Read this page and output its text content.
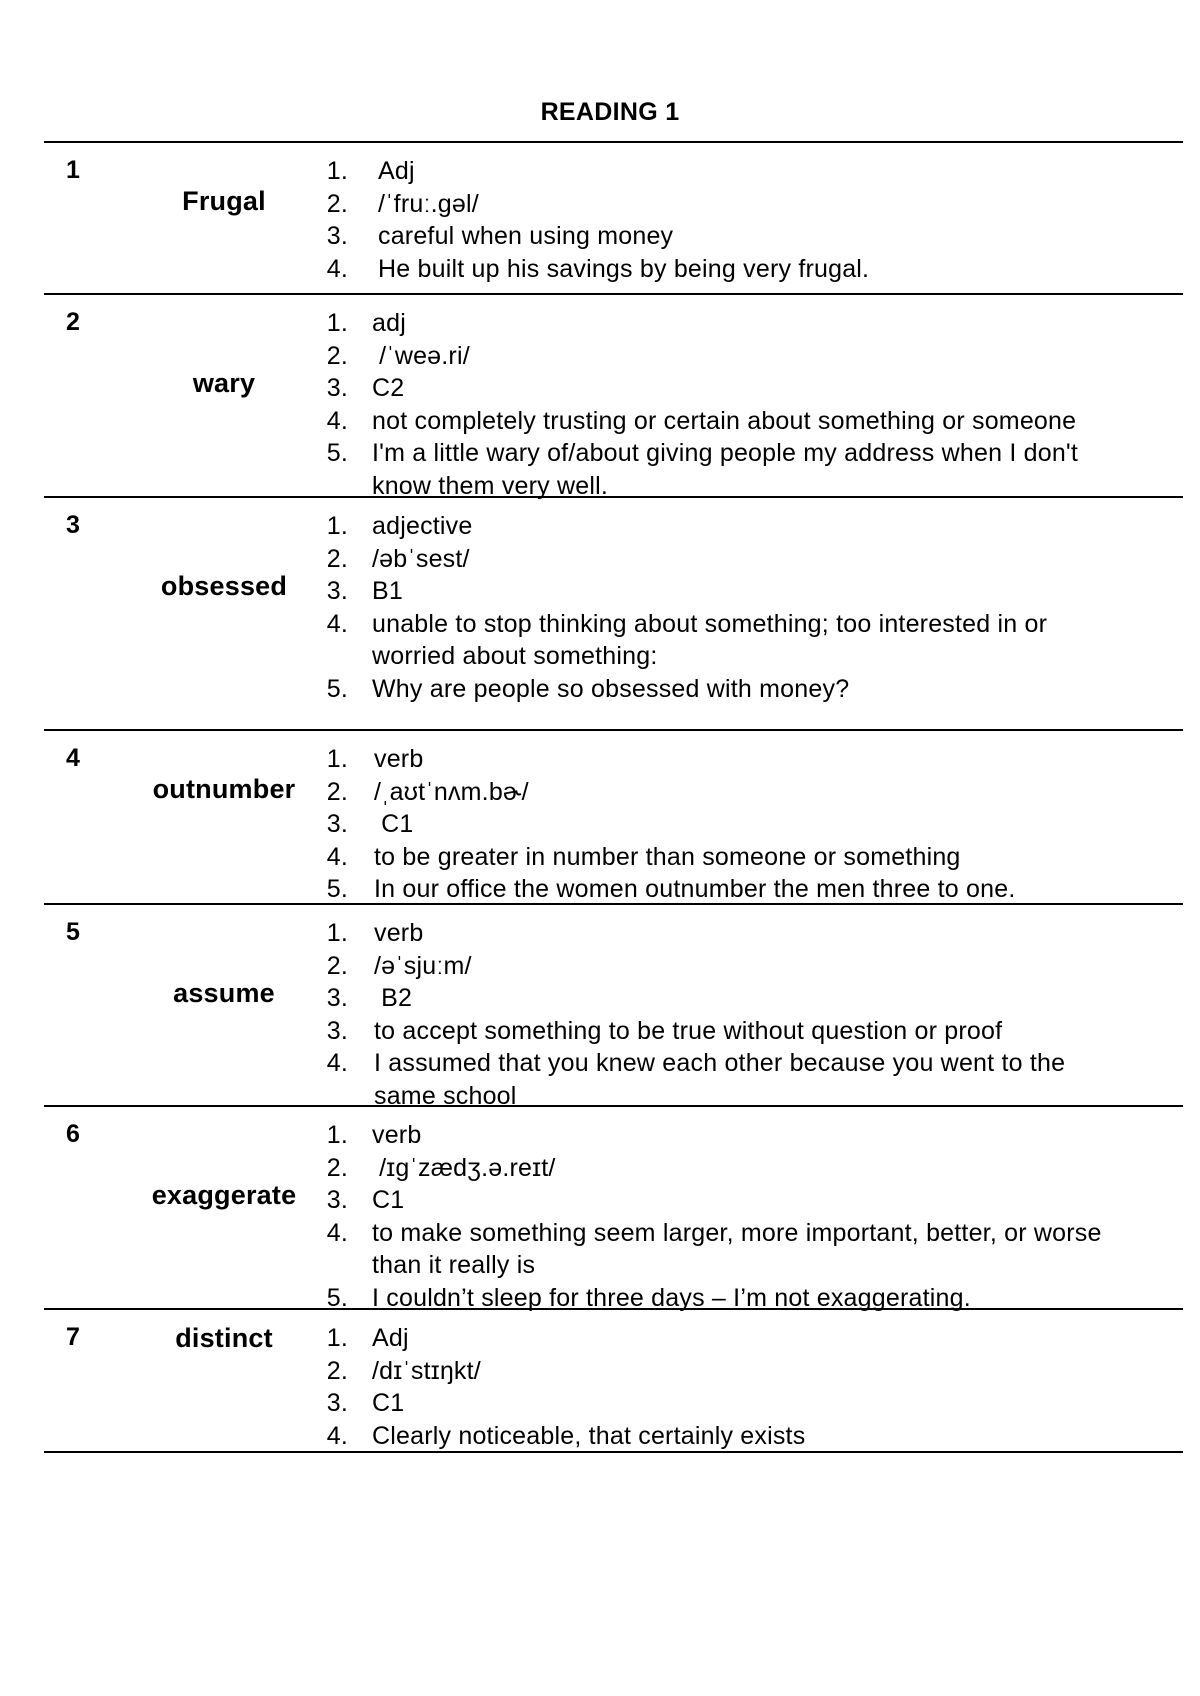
READING 1
1
Frugal
1.	Adj
2.	/ˈfruː.ɡəl/
3.	careful when using money
4.	He built up his savings by being very frugal.
2
wary
1. adj
2. /ˈweə.ri/
3. C2
4. not completely trusting or certain about something or someone
5. I'm a little wary of/about giving people my address when I don't know them very well.
3
obsessed
1. adjective
2. /əbˈsest/
3. B1
4. unable to stop thinking about something; too interested in or worried about something:
5. Why are people so obsessed with money?
4
outnumber
1.	verb
2.	/ˌaʊtˈnʌm.bɚ/
3.	C1
4.	to be greater in number than someone or something
5.	In our office the women outnumber the men three to one.
5
assume
1.	verb
2.	/əˈsjuːm/
3.	B2
3.	to accept something to be true without question or proof
4.	I assumed that you knew each other because you went to the same school
6
exaggerate
1. verb
2. /ɪɡˈzædʒ.ə.reɪt/
3. C1
4. to make something seem larger, more important, better, or worse than it really is
5. I couldn’t sleep for three days – I’m not exaggerating.
7	distinct	1. Adj
2. /dɪˈstɪŋkt/
3. C1
4. Clearly noticeable, that certainly exists
